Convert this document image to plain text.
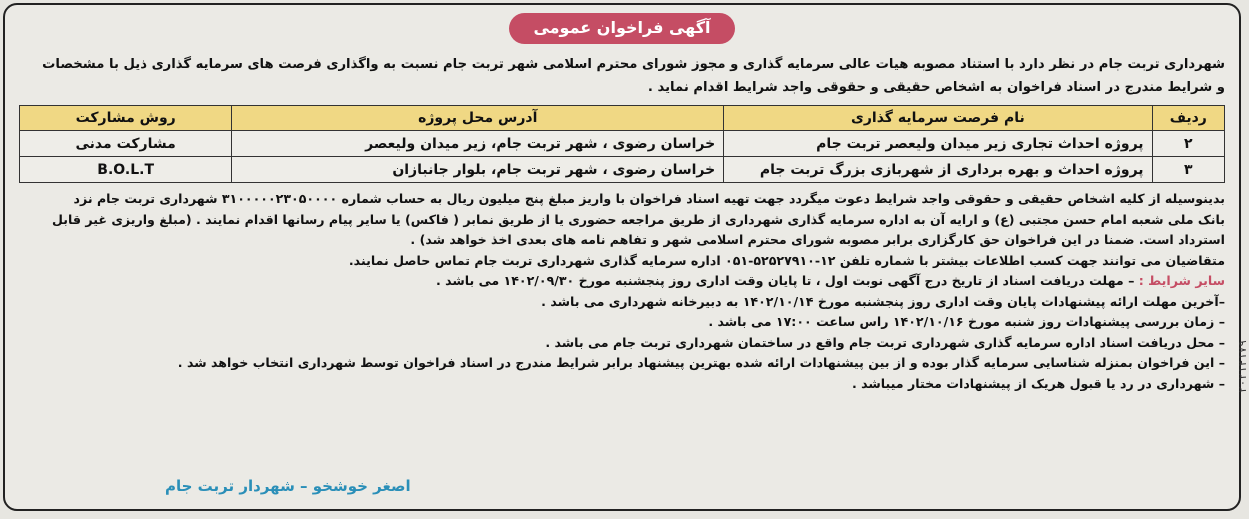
آگهی فراخوان عمومی

شهرداری تربت جام در نظر دارد با استناد مصوبه هیات عالی سرمایه گذاری و مجوز شورای محترم اسلامی شهر تربت جام نسبت به واگذاری فرصت های سرمایه گذاری ذیل با مشخصات

و شرایط مندرج در اسناد فراخوان به اشخاص حقیقی و حقوقی واجد شرایط اقدام نماید .

ردیف	نام فرصت سرمایه گذاری	آدرس محل پروژه	روش مشارکت
۲	پروژه احداث تجاری زیر میدان ولیعصر تربت جام	خراسان رضوی ، شهر تربت جام، زیر میدان ولیعصر	مشارکت مدنی
۳	پروژه احداث و بهره برداری از شهربازی بزرگ تربت جام	خراسان رضوی ، شهر تربت جام، بلوار جانبازان	B.O.L.T

بدینوسیله از کلیه اشخاص حقیقی و حقوقی واجد شرایط دعوت میگردد جهت تهیه اسناد فراخوان با واریز مبلغ پنج میلیون ریال به حساب شماره ۳۱۰۰۰۰۰۲۳۰۵۰۰۰۰ شهرداری تربت جام نزد

بانک ملی شعبه امام حسن مجتبی (ع) و ارایه آن به اداره سرمایه گذاری شهرداری از طریق مراجعه حضوری یا از طریق نمابر ( فاکس) یا سایر پیام رسانها اقدام نمایند . (مبلغ واریزی غیر قابل

استرداد است. ضمنا در این فراخوان حق کارگزاری برابر مصوبه شورای محترم اسلامی شهر و تفاهم نامه های بعدی اخذ خواهد شد) .

متقاضیان می توانند جهت کسب اطلاعات بیشتر با شماره تلفن ۱۲-۵۲۵۲۷۹۱۰-۰۵۱ اداره سرمایه گذاری شهرداری تربت جام تماس حاصل نمایند.

سایر شرایط : – مهلت دریافت اسناد از تاریخ درج آگهی نوبت اول ، تا پایان وقت اداری روز پنجشنبه مورخ ۱۴۰۲/۰۹/۳۰ می باشد .

–آخرین مهلت ارائه پیشنهادات پایان وقت اداری روز پنجشنبه مورخ ۱۴۰۲/۱۰/۱۴ به دبیرخانه شهرداری می باشد .

– زمان بررسی پیشنهادات روز شنبه مورخ ۱۴۰۲/۱۰/۱۶ راس ساعت ۱۷:۰۰ می باشد .

– محل دریافت اسناد اداره سرمایه گذاری شهرداری تربت جام واقع در ساختمان شهرداری تربت جام می باشد .

– این فراخوان بمنزله شناسایی سرمایه گذار بوده و از بین پیشنهادات ارائه شده بهترین پیشنهاد برابر شرایط مندرج در اسناد فراخوان توسط شهرداری انتخاب خواهد شد .

– شهرداری در رد یا قبول هریک از پیشنهادات مختار میباشد .

اصغر خوشخو – شهردار تربت جام
۲۰۲۱۴۱۷۹
